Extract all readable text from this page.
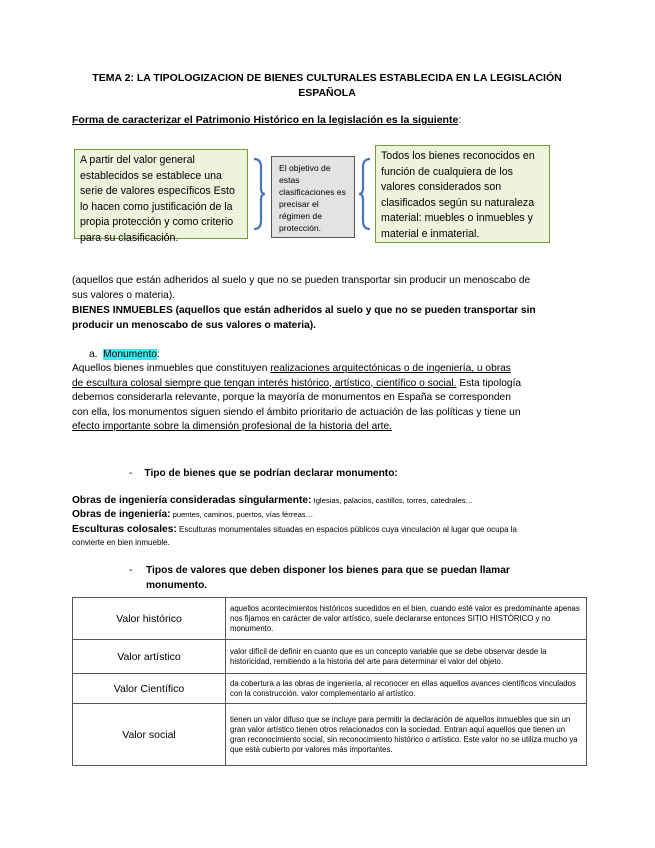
TEMA 2: LA TIPOLOGIZACION DE BIENES CULTURALES ESTABLECIDA EN LA LEGISLACIÓN ESPAÑOLA
Forma de caracterizar el Patrimonio Histórico en la legislación es la siguiente:
A partir del valor general establecidos se establece una serie de valores específicos Esto lo hacen como justificación de la propia protección y como criterio para su clasificación.
El objetivo de estas clasificaciones es precisar el régimen de protección.
Todos los bienes reconocidos en función de cualquiera de los valores considerados son clasificados según su naturaleza material: muebles o inmuebles y material e inmaterial.
(aquellos que están adheridos al suelo y que no se pueden transportar sin producir un menoscabo de sus valores o materia).
BIENES INMUEBLES (aquellos que están adheridos al suelo y que no se pueden transportar sin producir un menoscabo de sus valores o materia).
a. Monumento:
Aquellos bienes inmuebles que constituyen realizaciones arquitectónicas o de ingeniería, u obras de escultura colosal siempre que tengan interés histórico, artístico, científico o social. Esta tipología debemos considerarla relevante, porque la mayoría de monumentos en España se corresponden con ella, los monumentos siguen siendo el ámbito prioritario de actuación de las políticas y tiene un efecto importante sobre la dimensión profesional de la historia del arte.
- Tipo de bienes que se podrían declarar monumento:
Obras de ingeniería consideradas singularmente: Iglesias, palacios, castillos, torres, catedrales…
Obras de ingeniería: puentes, caminos, puertos, vías férreas…
Esculturas colosales: Esculturas monumentales situadas en espacios públicos cuya vinculación al lugar que ocupa la convierte en bien inmueble.
- Tipos de valores que deben disponer los bienes para que se puedan llamar monumento.
Valor histórico	aquellos acontecimientos históricos sucedidos en el bien, cuando esté valor es predominante apenas nos fijamos en carácter de valor artístico, suele declararse entonces SITIO HISTÓRICO y no monumento.
Valor artístico	valor difícil de definir en cuanto que es un concepto variable que se debe observar desde la historicidad, remitiendo a la historia del arte para determinar el valor del objeto.
Valor Científico	da cobertura a las obras de ingeniería, al reconocer en ellas aquellos avances científicos vinculados con la construcción. valor complementario al artístico.
Valor social	tienen un valor difuso que se incluye para permitir la declaración de aquellos inmuebles que sin un gran valor artístico tienen otros relacionados con la sociedad. Entran aquí aquellos que tienen un gran reconocimiento social, sin reconocimiento histórico o artístico. Este valor no se utiliza mucho ya que está cubierto por valores más importantes.
